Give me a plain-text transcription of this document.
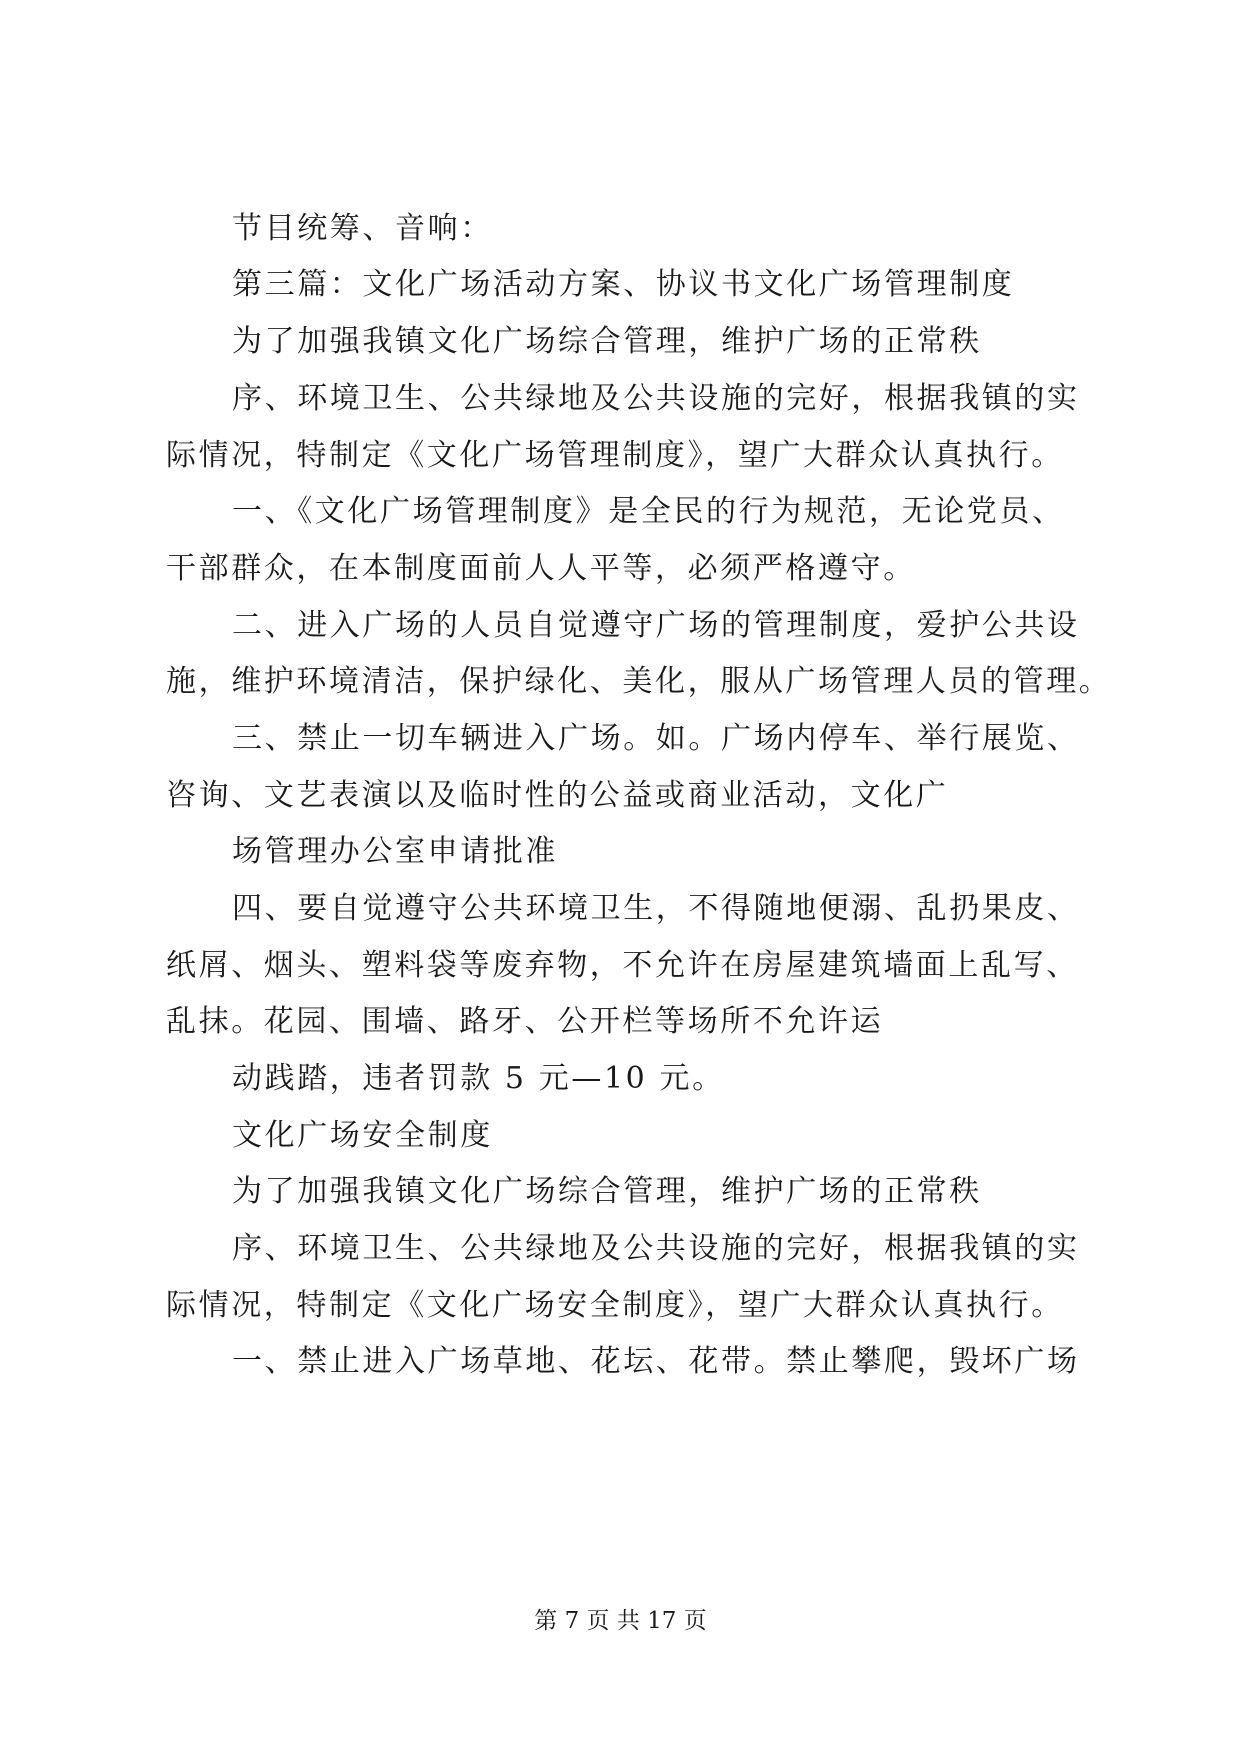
节目统筹、音响：
第三篇：文化广场活动方案、协议书文化广场管理制度
为了加强我镇文化广场综合管理，维护广场的正常秩
序、环境卫生、公共绿地及公共设施的完好，根据我镇的实
际情况，特制定《文化广场管理制度》，望广大群众认真执行。
一、《文化广场管理制度》是全民的行为规范，无论党员、
干部群众，在本制度面前人人平等，必须严格遵守。
二、进入广场的人员自觉遵守广场的管理制度，爱护公共设
施，维护环境清洁，保护绿化、美化，服从广场管理人员的管理。
三、禁止一切车辆进入广场。如。广场内停车、举行展览、
咨询、文艺表演以及临时性的公益或商业活动，文化广
场管理办公室申请批准
四、要自觉遵守公共环境卫生，不得随地便溺、乱扔果皮、
纸屑、烟头、塑料袋等废弃物，不允许在房屋建筑墙面上乱写、
乱抹。花园、围墙、路牙、公开栏等场所不允许运
动践踏，违者罚款 5 元—10 元。
文化广场安全制度
为了加强我镇文化广场综合管理，维护广场的正常秩
序、环境卫生、公共绿地及公共设施的完好，根据我镇的实
际情况，特制定《文化广场安全制度》，望广大群众认真执行。
一、禁止进入广场草地、花坛、花带。禁止攀爬，毁坏广场
第 7 页 共 17 页
